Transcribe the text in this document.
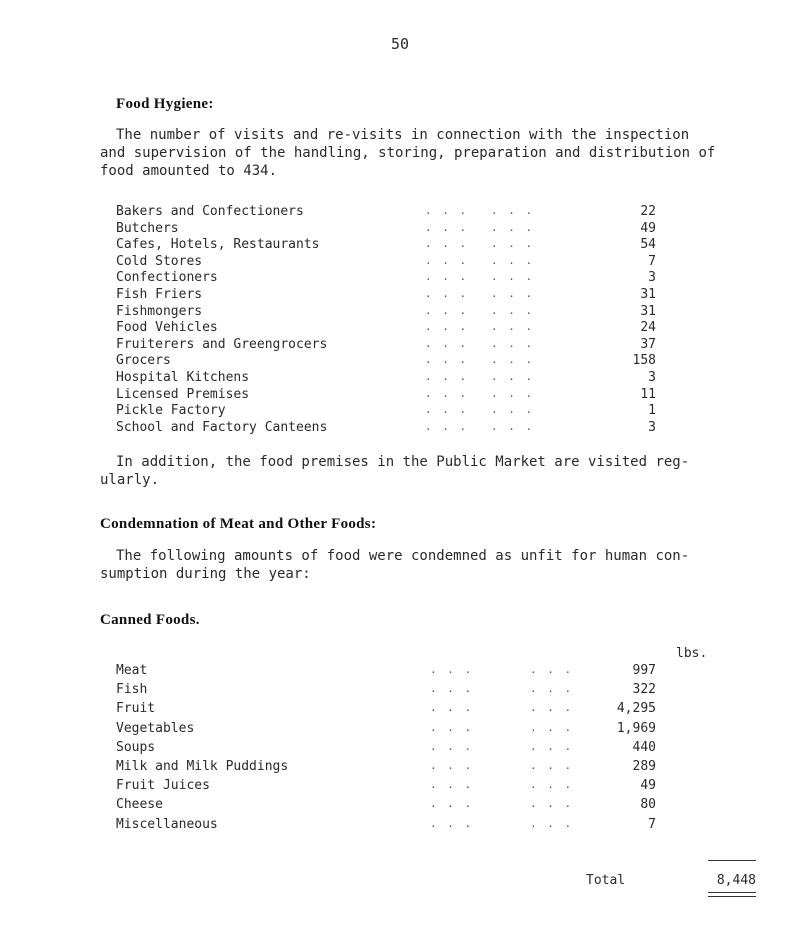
50
Food Hygiene:
The number of visits and re-visits in connection with the inspection
and supervision of the handling, storing, preparation and distribution of
food amounted to 434.
Bakers and Confectioners	. . . . . .	22
Butchers	. . . . . .	49
Cafes, Hotels, Restaurants	. . . . . .	54
Cold Stores	. . . . . .	7
Confectioners	. . . . . .	3
Fish Friers	. . . . . .	31
Fishmongers	. . . . . .	31
Food Vehicles	. . . . . .	24
Fruiterers and Greengrocers	. . . . . .	37
Grocers	. . . . . .	158
Hospital Kitchens	. . . . . .	3
Licensed Premises	. . . . . .	11
Pickle Factory	. . . . . .	1
School and Factory Canteens	. . . . . .	3
In addition, the food premises in the Public Market are visited reg-
ularly.
Condemnation of Meat and Other Foods:
The following amounts of food were condemned as unfit for human con-
sumption during the year:
Canned Foods.
lbs.
Meat	. . .	. . .	997
Fish	. . .	. . .	322
Fruit	. . .	. . .	4,295
Vegetables	. . .	. . .	1,969
Soups	. . .	. . .	440
Milk and Milk Puddings	. . .	. . .	289
Fruit Juices	. . .	. . .	49
Cheese	. . .	. . .	80
Miscellaneous	. . .	. . .	7
Total	8,448
